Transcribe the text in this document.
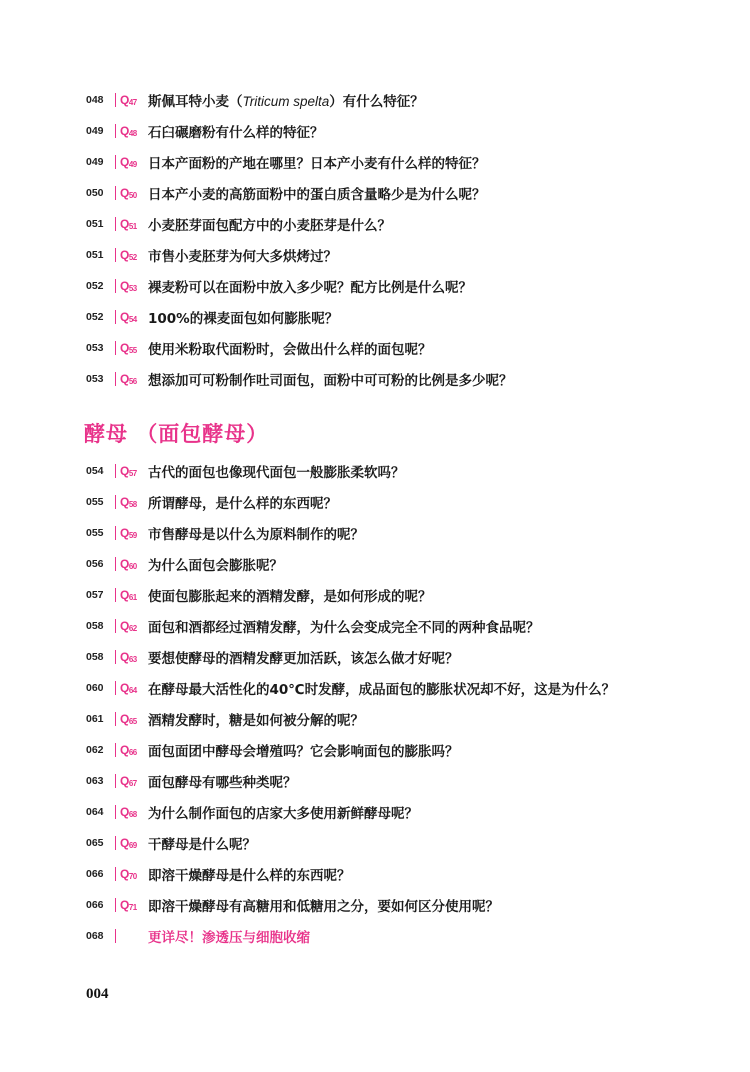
048	$Q_{47}$ 斯佩耳特小麦（Triticum spelta）有什么特征？
049	$Q_{48}$ 石臼碾磨粉有什么样的特征？
049	$Q_{49}$ 日本产面粉的产地在哪里？日本产小麦有什么样的特征？
050	$Q_{50}$ 日本产小麦的高筋面粉中的蛋白质含量略少是为什么呢？
051	$Q_{51}$ 小麦胚芽面包配方中的小麦胚芽是什么？
051	$Q_{52}$ 市售小麦胚芽为何大多烘烤过？
052	$Q_{53}$ 裸麦粉可以在面粉中放入多少呢？配方比例是什么呢？
052	$Q_{54}$ 100%的裸麦面包如何膨胀呢？
053	$Q_{55}$ 使用米粉取代面粉时，会做出什么样的面包呢？
053	$Q_{56}$ 想添加可可粉制作吐司面包，面粉中可可粉的比例是多少呢？
酵母 （面包酵母）
054	$Q_{57}$ 古代的面包也像现代面包一般膨胀柔软吗？
055	$Q_{58}$ 所谓酵母，是什么样的东西呢？
055	$Q_{59}$ 市售酵母是以什么为原料制作的呢？
056	$Q_{60}$ 为什么面包会膨胀呢？
057	$Q_{61}$ 使面包膨胀起来的酒精发酵，是如何形成的呢？
058	$Q_{62}$ 面包和酒都经过酒精发酵，为什么会变成完全不同的两种食品呢？
058	$Q_{63}$ 要想使酵母的酒精发酵更加活跃，该怎么做才好呢？
060	$Q_{64}$ 在酵母最大活性化的40℃时发酵，成品面包的膨胀状况却不好，这是为什么？
061	$Q_{65}$ 酒精发酵时，糖是如何被分解的呢？
062	$Q_{66}$ 面包面团中酵母会增殖吗？它会影响面包的膨胀吗？
063	$Q_{67}$ 面包酵母有哪些种类呢？
064	$Q_{68}$ 为什么制作面包的店家大多使用新鲜酵母呢？
065	$Q_{69}$ 干酵母是什么呢？
066	$Q_{70}$ 即溶干燥酵母是什么样的东西呢？
066	$Q_{71}$ 即溶干燥酵母有高糖用和低糖用之分，要如何区分使用呢？
068	更详尽！渗透压与细胞收缩
004
